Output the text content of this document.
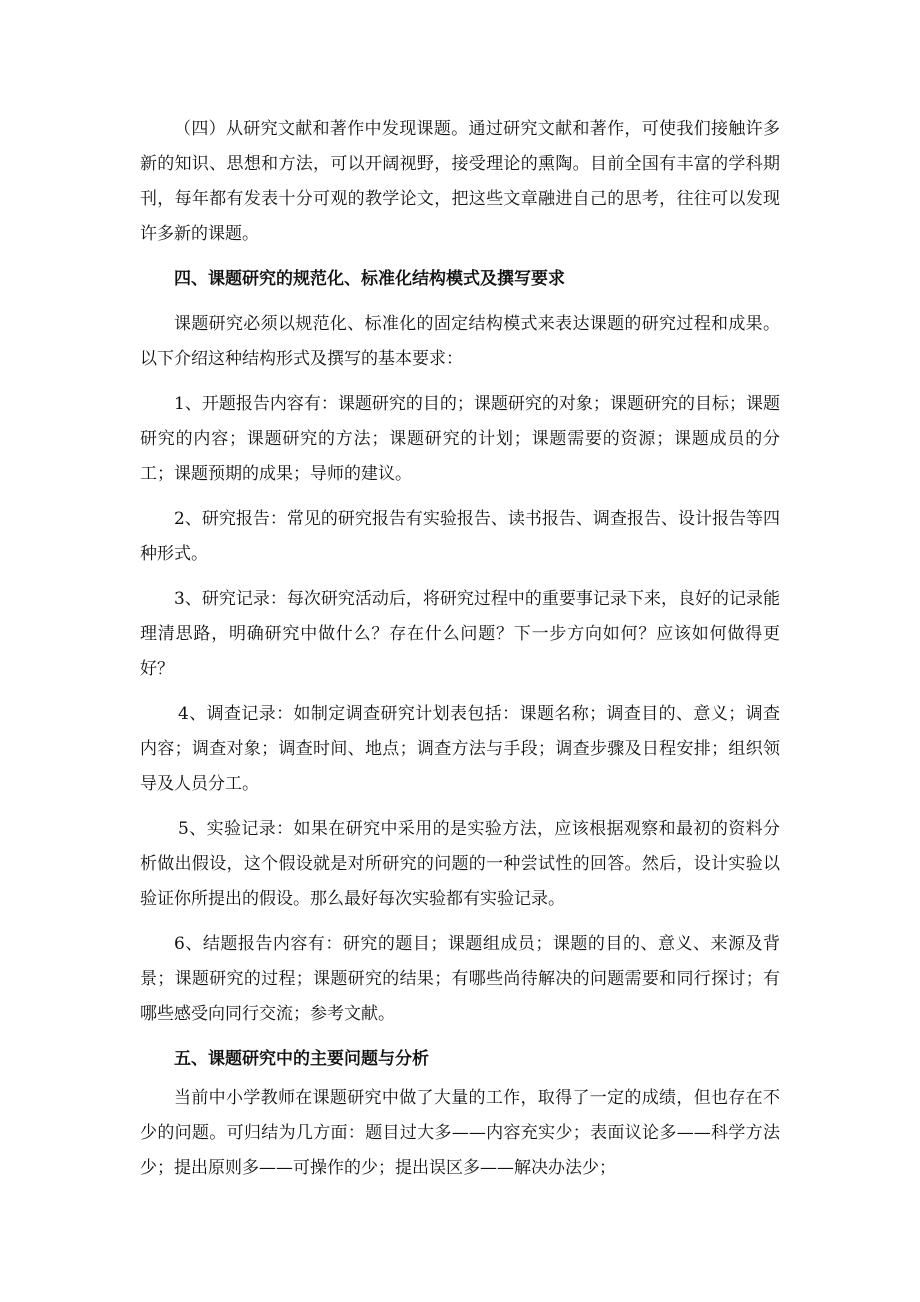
（四）从研究文献和著作中发现课题。通过研究文献和著作，可使我们接触许多新的知识、思想和方法，可以开阔视野，接受理论的熏陶。目前全国有丰富的学科期刊，每年都有发表十分可观的教学论文，把这些文章融进自己的思考，往往可以发现许多新的课题。

四、课题研究的规范化、标准化结构模式及撰写要求

课题研究必须以规范化、标准化的固定结构模式来表达课题的研究过程和成果。以下介绍这种结构形式及撰写的基本要求：

1、开题报告内容有：课题研究的目的；课题研究的对象；课题研究的目标；课题研究的内容；课题研究的方法；课题研究的计划；课题需要的资源；课题成员的分工；课题预期的成果；导师的建议。

2、研究报告：常见的研究报告有实验报告、读书报告、调查报告、设计报告等四种形式。

3、研究记录：每次研究活动后，将研究过程中的重要事记录下来，良好的记录能理清思路，明确研究中做什么？存在什么问题？下一步方向如何？应该如何做得更好？

4、调查记录：如制定调查研究计划表包括：课题名称；调查目的、意义；调查内容；调查对象；调查时间、地点；调查方法与手段；调查步骤及日程安排；组织领导及人员分工。

5、实验记录：如果在研究中采用的是实验方法，应该根据观察和最初的资料分析做出假设，这个假设就是对所研究的问题的一种尝试性的回答。然后，设计实验以验证你所提出的假设。那么最好每次实验都有实验记录。

6、结题报告内容有：研究的题目；课题组成员；课题的目的、意义、来源及背景；课题研究的过程；课题研究的结果；有哪些尚待解决的问题需要和同行探讨；有哪些感受向同行交流；参考文献。

五、课题研究中的主要问题与分析

当前中小学教师在课题研究中做了大量的工作，取得了一定的成绩，但也存在不少的问题。可归结为几方面：题目过大多——内容充实少；表面议论多——科学方法少；提出原则多——可操作的少；提出误区多——解决办法少；
